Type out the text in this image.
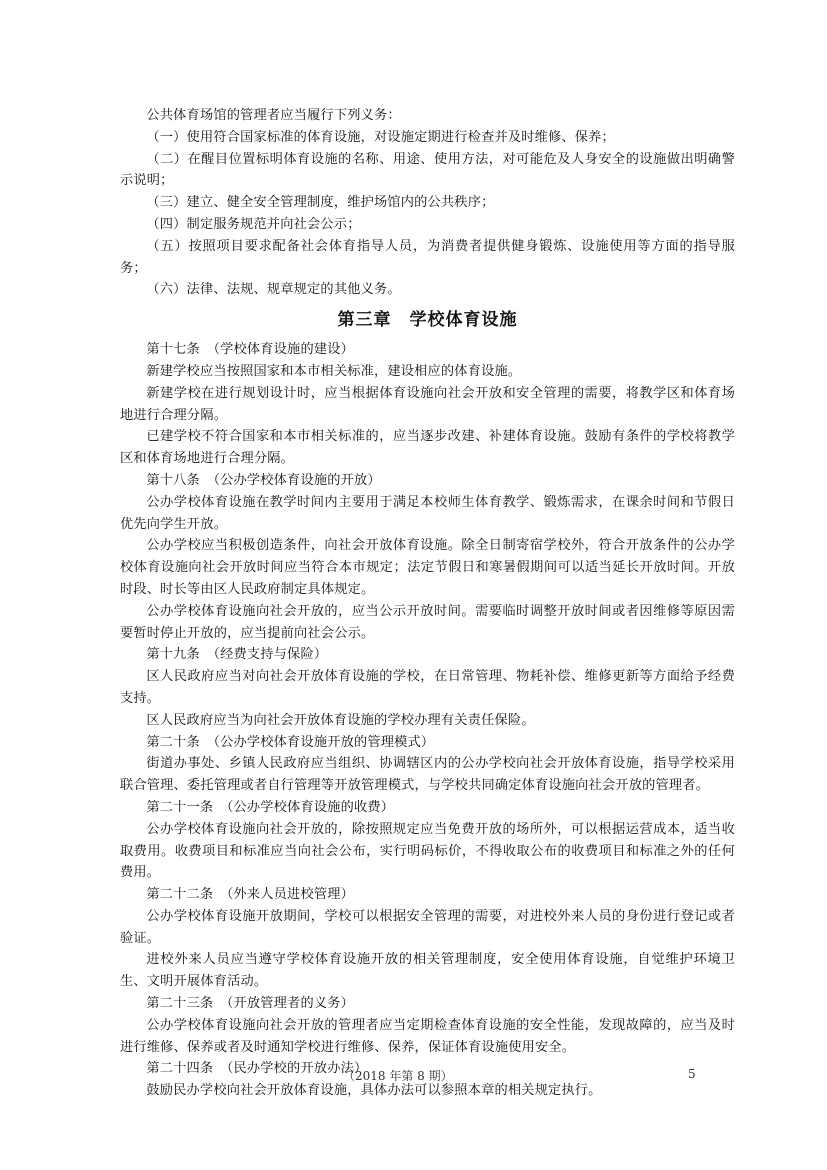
公共体育场馆的管理者应当履行下列义务：

（一）使用符合国家标准的体育设施，对设施定期进行检查并及时维修、保养；

（二）在醒目位置标明体育设施的名称、用途、使用方法，对可能危及人身安全的设施做出明确警示说明；

（三）建立、健全安全管理制度，维护场馆内的公共秩序；

（四）制定服务规范并向社会公示；

（五）按照项目要求配备社会体育指导人员，为消费者提供健身锻炼、设施使用等方面的指导服务；

（六）法律、法规、规章规定的其他义务。

第三章　学校体育设施

第十七条　（学校体育设施的建设）

新建学校应当按照国家和本市相关标准，建设相应的体育设施。

新建学校在进行规划设计时，应当根据体育设施向社会开放和安全管理的需要，将教学区和体育场地进行合理分隔。

已建学校不符合国家和本市相关标准的，应当逐步改建、补建体育设施。鼓励有条件的学校将教学区和体育场地进行合理分隔。

第十八条　（公办学校体育设施的开放）

公办学校体育设施在教学时间内主要用于满足本校师生体育教学、锻炼需求，在课余时间和节假日优先向学生开放。

公办学校应当积极创造条件，向社会开放体育设施。除全日制寄宿学校外，符合开放条件的公办学校体育设施向社会开放时间应当符合本市规定；法定节假日和寒暑假期间可以适当延长开放时间。开放时段、时长等由区人民政府制定具体规定。

公办学校体育设施向社会开放的，应当公示开放时间。需要临时调整开放时间或者因维修等原因需要暂时停止开放的，应当提前向社会公示。

第十九条　（经费支持与保险）

区人民政府应当对向社会开放体育设施的学校，在日常管理、物耗补偿、维修更新等方面给予经费支持。

区人民政府应当为向社会开放体育设施的学校办理有关责任保险。

第二十条　（公办学校体育设施开放的管理模式）

街道办事处、乡镇人民政府应当组织、协调辖区内的公办学校向社会开放体育设施，指导学校采用联合管理、委托管理或者自行管理等开放管理模式，与学校共同确定体育设施向社会开放的管理者。

第二十一条　（公办学校体育设施的收费）

公办学校体育设施向社会开放的，除按照规定应当免费开放的场所外，可以根据运营成本，适当收取费用。收费项目和标准应当向社会公布，实行明码标价，不得收取公布的收费项目和标准之外的任何费用。

第二十二条　（外来人员进校管理）

公办学校体育设施开放期间，学校可以根据安全管理的需要，对进校外来人员的身份进行登记或者验证。

进校外来人员应当遵守学校体育设施开放的相关管理制度，安全使用体育设施，自觉维护环境卫生、文明开展体育活动。

第二十三条　（开放管理者的义务）

公办学校体育设施向社会开放的管理者应当定期检查体育设施的安全性能，发现故障的，应当及时进行维修、保养或者及时通知学校进行维修、保养，保证体育设施使用安全。

第二十四条　（民办学校的开放办法）

鼓励民办学校向社会开放体育设施，具体办法可以参照本章的相关规定执行。

（2018 年第 8 期）	5
